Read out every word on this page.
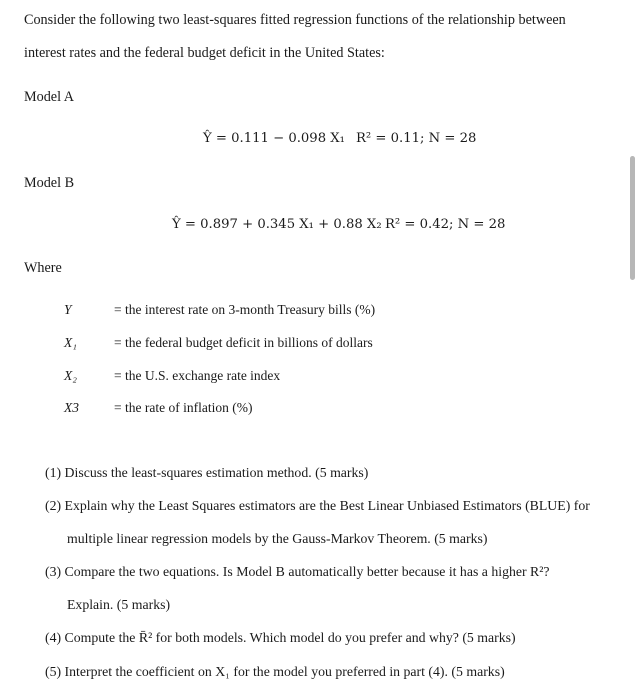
Consider the following two least-squares fitted regression functions of the relationship between
interest rates and the federal budget deficit in the United States:
Model A
Ŷ = 0.111 − 0.098 X₁ R² = 0.11; N = 28
Model B
Ŷ = 0.897 + 0.345 X₁ + 0.88 X₂ R² = 0.42; N = 28
Where
Y	= the interest rate on 3-month Treasury bills (%)
X₁	= the federal budget deficit in billions of dollars
X₂	= the U.S. exchange rate index
X3	= the rate of inflation (%)
(1) Discuss the least-squares estimation method. (5 marks)
(2) Explain why the Least Squares estimators are the Best Linear Unbiased Estimators (BLUE) for
multiple linear regression models by the Gauss-Markov Theorem. (5 marks)
(3) Compare the two equations. Is Model B automatically better because it has a higher R²?
Explain. (5 marks)
(4) Compute the R̄² for both models. Which model do you prefer and why? (5 marks)
(5) Interpret the coefficient on X₁ for the model you preferred in part (4). (5 marks)
